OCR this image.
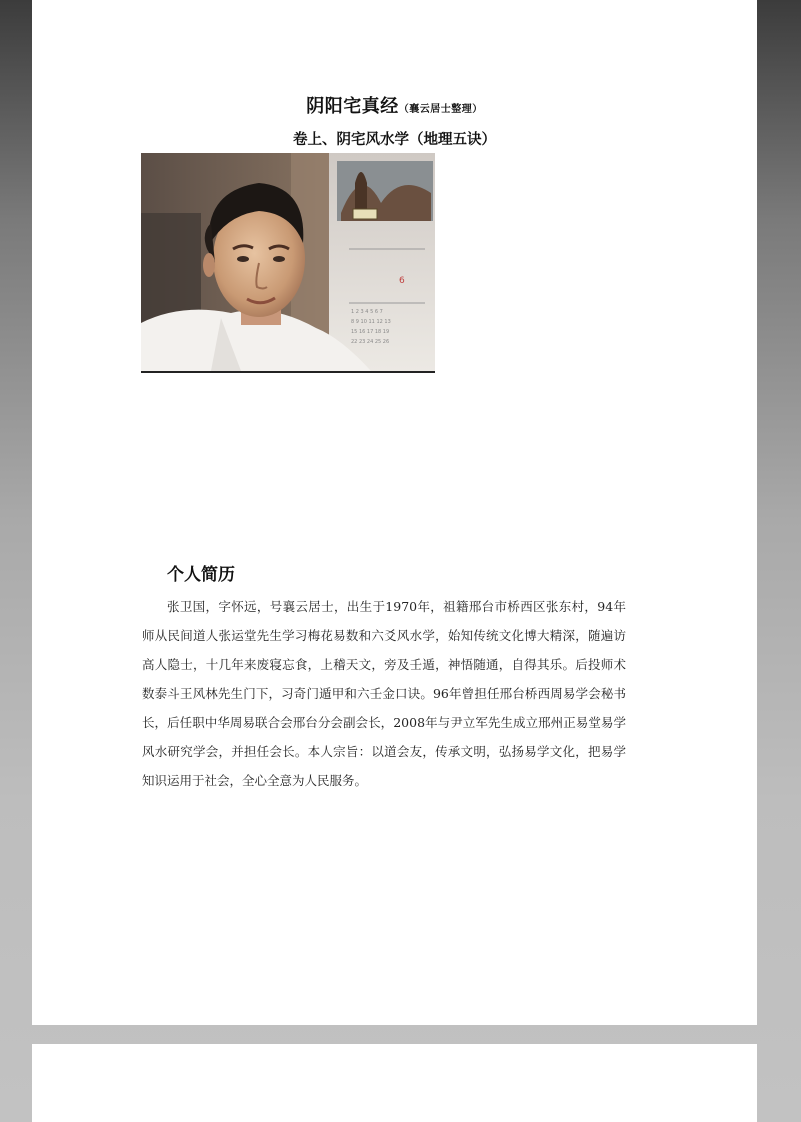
阴阳宅真经（襄云居士整理）
卷上、阴宅风水学（地理五诀）
6
1 2 3 4 5 6 7
8 9 10 11 12 13
15 16 17 18 19
22 23 24 25 26
个人简历

张卫国，字怀远，号襄云居士，出生于1970年，祖籍邢台市桥西区张东村，94年师从民间道人张运堂先生学习梅花易数和六爻风水学，始知传统文化博大精深，随遍访高人隐士，十几年来废寝忘食，上稽天文，旁及壬遁，神悟随通，自得其乐。后投师术数泰斗王风林先生门下，习奇门遁甲和六壬金口诀。96年曾担任邢台桥西周易学会秘书长，后任职中华周易联合会邢台分会副会长，2008年与尹立军先生成立邢州正易堂易学风水研究学会，并担任会长。本人宗旨：以道会友，传承文明，弘扬易学文化，把易学知识运用于社会，全心全意为人民服务。
